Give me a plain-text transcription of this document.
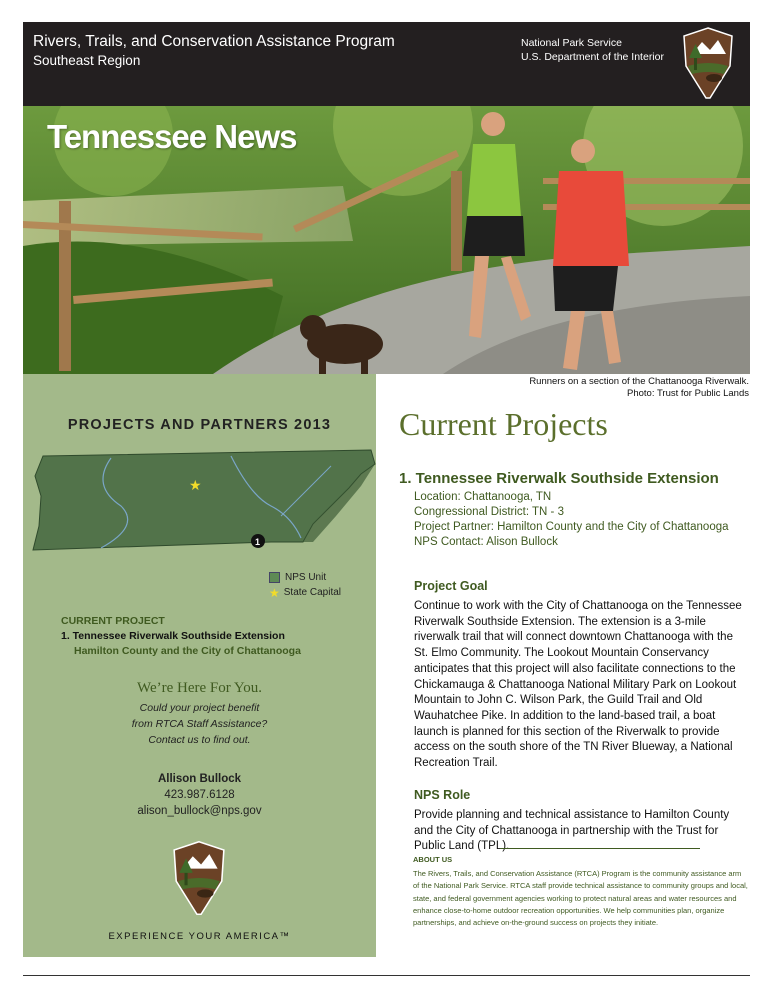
Rivers, Trails, and Conservation Assistance Program
Southeast Region
National Park Service
U.S. Department of the Interior
Tennessee News
PROJECTS AND PARTNERS 2013
★
1
NPS Unit
★ State Capital
CURRENT PROJECT
1. Tennessee Riverwalk Southside Extension
Hamilton County and the City of Chattanooga
We’re Here For You.
Could your project benefit
from RTCA Staff Assistance?
Contact us to find out.
Allison Bullock
423.987.6128
alison_bullock@nps.gov
EXPERIENCE YOUR AMERICA™
Runners on a section of the Chattanooga Riverwalk.
Photo: Trust for Public Lands
Current Projects
1. Tennessee Riverwalk Southside Extension
Location: Chattanooga, TN
Congressional District: TN - 3
Project Partner: Hamilton County and the City of Chattanooga
NPS Contact: Alison Bullock
Project Goal
Continue to work with the City of Chattanooga on the Tennessee Riverwalk Southside Extension. The extension is a 3-mile riverwalk trail that will connect downtown Chattanooga with the St. Elmo Community. The Lookout Mountain Conservancy anticipates that this project will also facilitate connections to the Chickamauga & Chattanooga National Military Park on Lookout Mountain to John C. Wilson Park, the Guild Trail and Old Wauhatchee Pike. In addition to the land-based trail, a boat launch is planned for this section of the Riverwalk to provide access on the south shore of the TN River Blueway, a National Recreation Trail.
NPS Role
Provide planning and technical assistance to Hamilton County and the City of Chattanooga in partnership with the Trust for Public Land (TPL).
ABOUT US
The Rivers, Trails, and Conservation Assistance (RTCA) Program is the community assistance arm of the National Park Service. RTCA staff provide technical assistance to community groups and local, state, and federal government agencies working to protect natural areas and water resources and enhance close-to-home outdoor recreation opportunities. We help communities plan, organize partnerships, and achieve on-the-ground success on projects they initiate.
